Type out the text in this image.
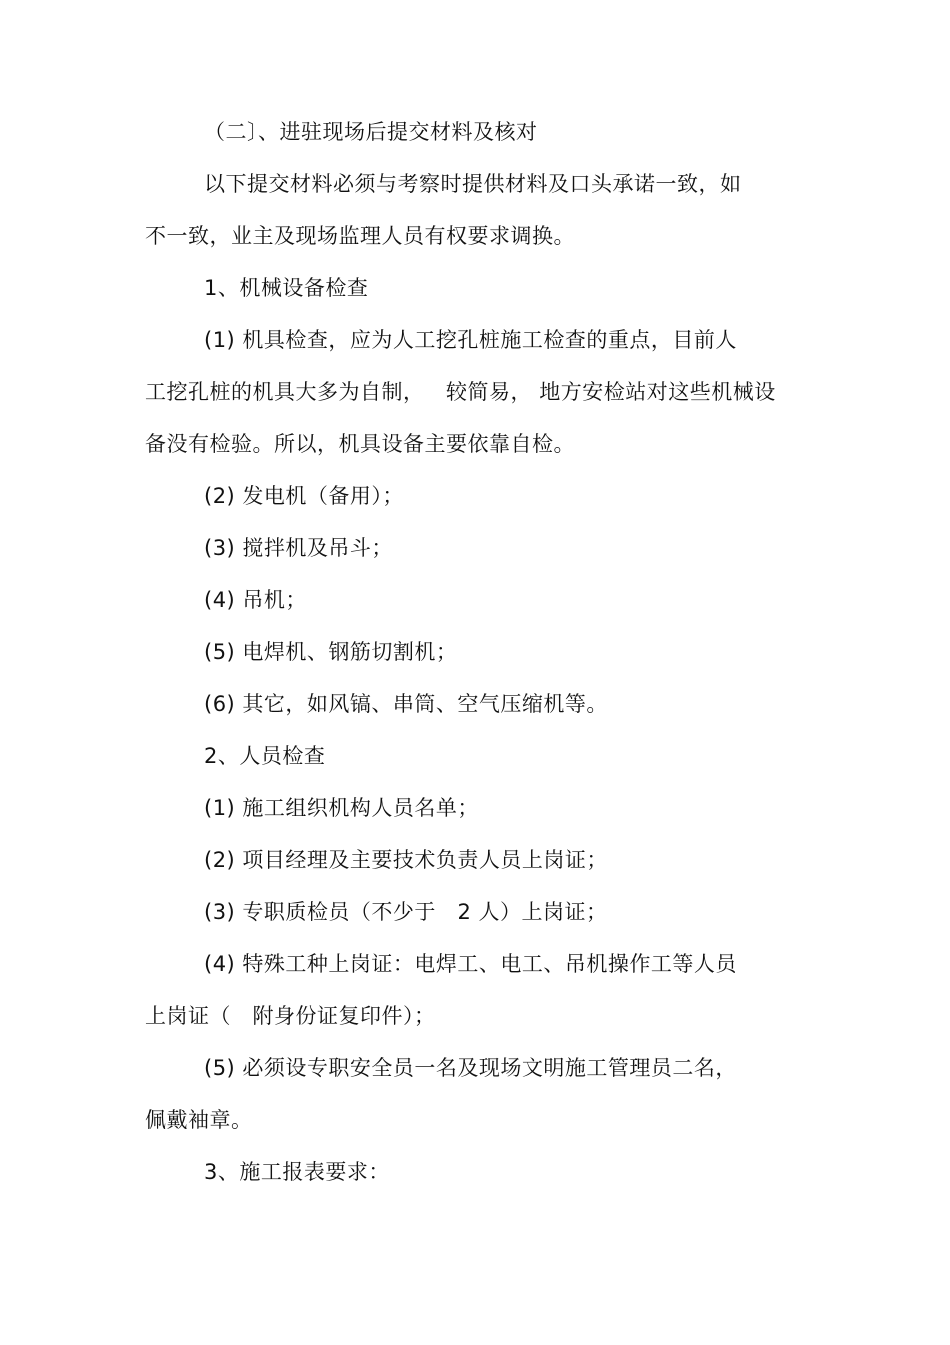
（二〕、进驻现场后提交材料及核对
以下提交材料必须与考察时提供材料及口头承诺一致，如
不一致，业主及现场监理人员有权要求调换。
1、机械设备检查
(1) 机具检查，应为人工挖孔桩施工检查的重点，目前人
工挖孔桩的机具大多为自制，   较简易， 地方安检站对这些机械设
备没有检验。所以，机具设备主要依靠自检。
(2) 发电机（备用）；
(3) 搅拌机及吊斗；
(4) 吊机；
(5) 电焊机、钢筋切割机；
(6) 其它，如风镐、串筒、空气压缩机等。
2、人员检查
(1) 施工组织机构人员名单；
(2) 项目经理及主要技术负责人员上岗证；
(3) 专职质检员（不少于   2 人）上岗证；
(4) 特殊工种上岗证：电焊工、电工、吊机操作工等人员
上岗证（   附身份证复印件）；
(5) 必须设专职安全员一名及现场文明施工管理员二名，
佩戴袖章。
3、施工报表要求：
